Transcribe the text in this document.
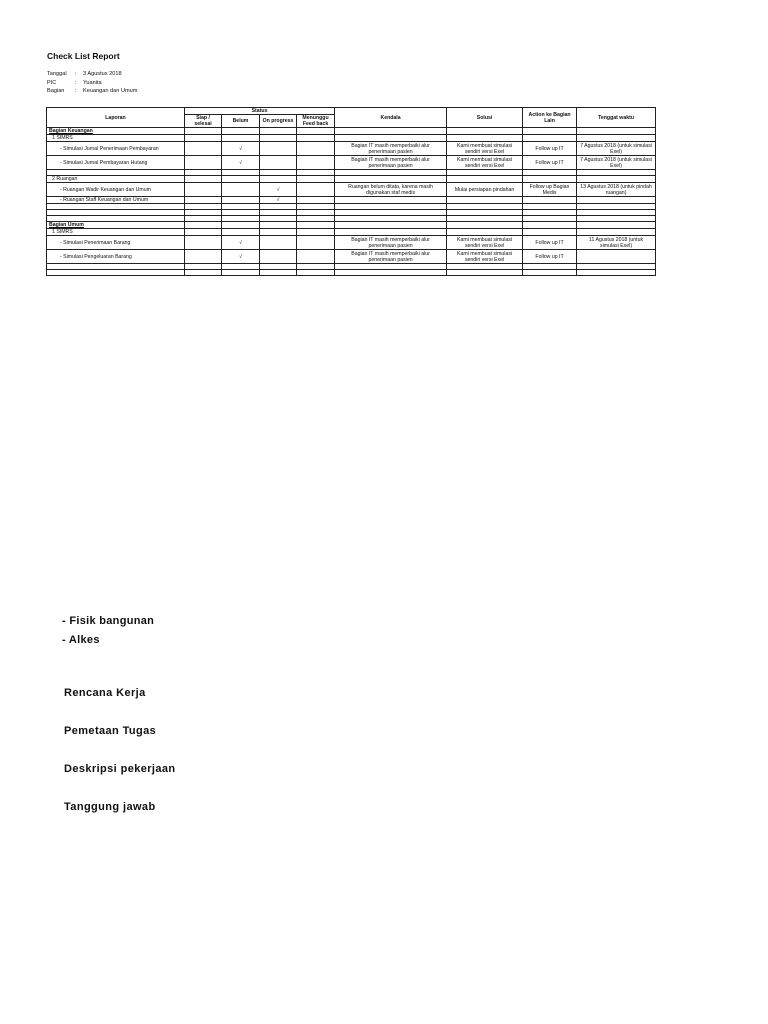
Check List Report
Tanggal	:	3 Agustus 2018
PIC	:	Yuanita
Bagian	:	Keuangan dan Umum
Laporan	Status				Kendala	Solusi	Action ke Bagian Lain	Tenggat waktu
	Siap / selesai	Belum	On progress	Menunggu Feed back				
Bagian Keuangan								
1 SIMRS								
- Simulasi Jurnal Penerimaan Pembayaran		√			Bagian IT masih memperbaiki alur penerimaan pasien	Kami membuat simulasi sendiri versi Exel	Follow up IT	7 Agustus 2018 (untuk simulasi Exel)
- Simulasi Jurnal Pembayaran Hutang		√			Bagian IT masih memperbaiki alur penerimaan pasien	Kami membuat simulasi sendiri versi Exel	Follow up IT	7 Agustus 2018 (untuk simulasi Exel)

2 Ruangan								
- Ruangan Wadir Keuangan dan Umum			√		Ruangan belum ditata, karena masih digunakan staf medis	Mulai persiapan pindahan	Follow up Bagian Medis	13 Agustus 2018 (untuk pindah ruangan)
- Ruangan Staff Keuangan dan Umum			√					

Bagian Umum								
1 SIMRS								
- Simulasi Penerimaan Barang		√			Bagian IT masih memperbaiki alur penerimaan pasien	Kami membuat simulasi sendiri versi Exel	Follow up IT	11 Agustus 2018 (untuk simulasi Exel)
- Simulasi Pengeluaran Barang		√			Bagian IT masih memperbaiki alur penerimaan pasien	Kami membuat simulasi sendiri versi Exel	Follow up IT	

- Fisik bangunan
- Alkes
Rencana Kerja
Pemetaan Tugas
Deskripsi pekerjaan
Tanggung jawab
